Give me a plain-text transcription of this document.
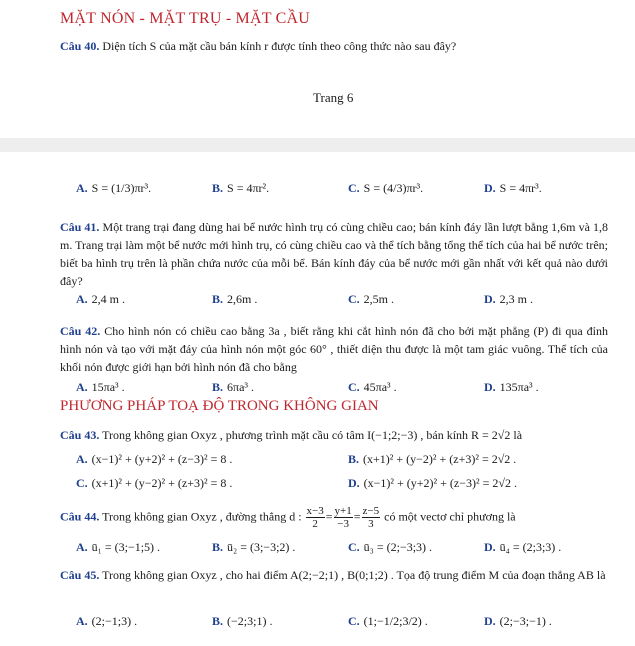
MẶT NÓN - MẶT TRỤ - MẶT CẦU
Câu 40. Diện tích S của mặt cầu bán kính r được tính theo công thức nào sau đây?
Trang 6
A. S = (1/3)πr³.	B. S = 4πr².	C. S = (4/3)πr³.	D. S = 4πr³.
Câu 41. Một trang trại đang dùng hai bể nước hình trụ có cùng chiều cao; bán kính đáy lần lượt bằng 1,6m và 1,8 m. Trang trại làm một bể nước mới hình trụ, có cùng chiều cao và thể tích bằng tổng thể tích của hai bể nước trên; biết ba hình trụ trên là phần chứa nước của mỗi bể. Bán kính đáy của bể nước mới gần nhất với kết quả nào dưới đây?
A. 2,4 m .	B. 2,6m .	C. 2,5m .	D. 2,3 m .
Câu 42. Cho hình nón có chiều cao bằng 3a , biết rằng khi cắt hình nón đã cho bởi mặt phẳng (P) đi qua đỉnh hình nón và tạo với mặt đáy của hình nón một góc 60° , thiết diện thu được là một tam giác vuông. Thể tích của khối nón được giới hạn bởi hình nón đã cho bằng
A. 15πa³ .	B. 6πa³ .	C. 45πa³ .	D. 135πa³ .
PHƯƠNG PHÁP TOẠ ĐỘ TRONG KHÔNG GIAN
Câu 43. Trong không gian Oxyz , phương trình mặt cầu có tâm I(−1;2;−3) , bán kính R = 2√2 là
A. (x−1)² + (y+2)² + (z−3)² = 8 .	B. (x+1)² + (y−2)² + (z+3)² = 2√2 .
C. (x+1)² + (y−2)² + (z+3)² = 8 .	D. (x−1)² + (y+2)² + (z−3)² = 2√2 .
Câu 44. Trong không gian Oxyz , đường thẳng d : $\frac{x-3}{2} = \frac{y+1}{-3} = \frac{z-5}{3}$ có một vectơ chỉ phương là
A. ū₁ = (3;−1;5) .	B. ū₂ = (3;−3;2) .	C. ū₃ = (2;−3;3) .	D. ū₄ = (2;3;3) .
Câu 45. Trong không gian Oxyz , cho hai điểm A(2;−2;1) , B(0;1;2) . Tọa độ trung điểm M của đoạn thẳng AB là
A. (2;−1;3) .	B. (−2;3;1) .	C. (1;−1/2;3/2) .	D. (2;−3;−1) .
